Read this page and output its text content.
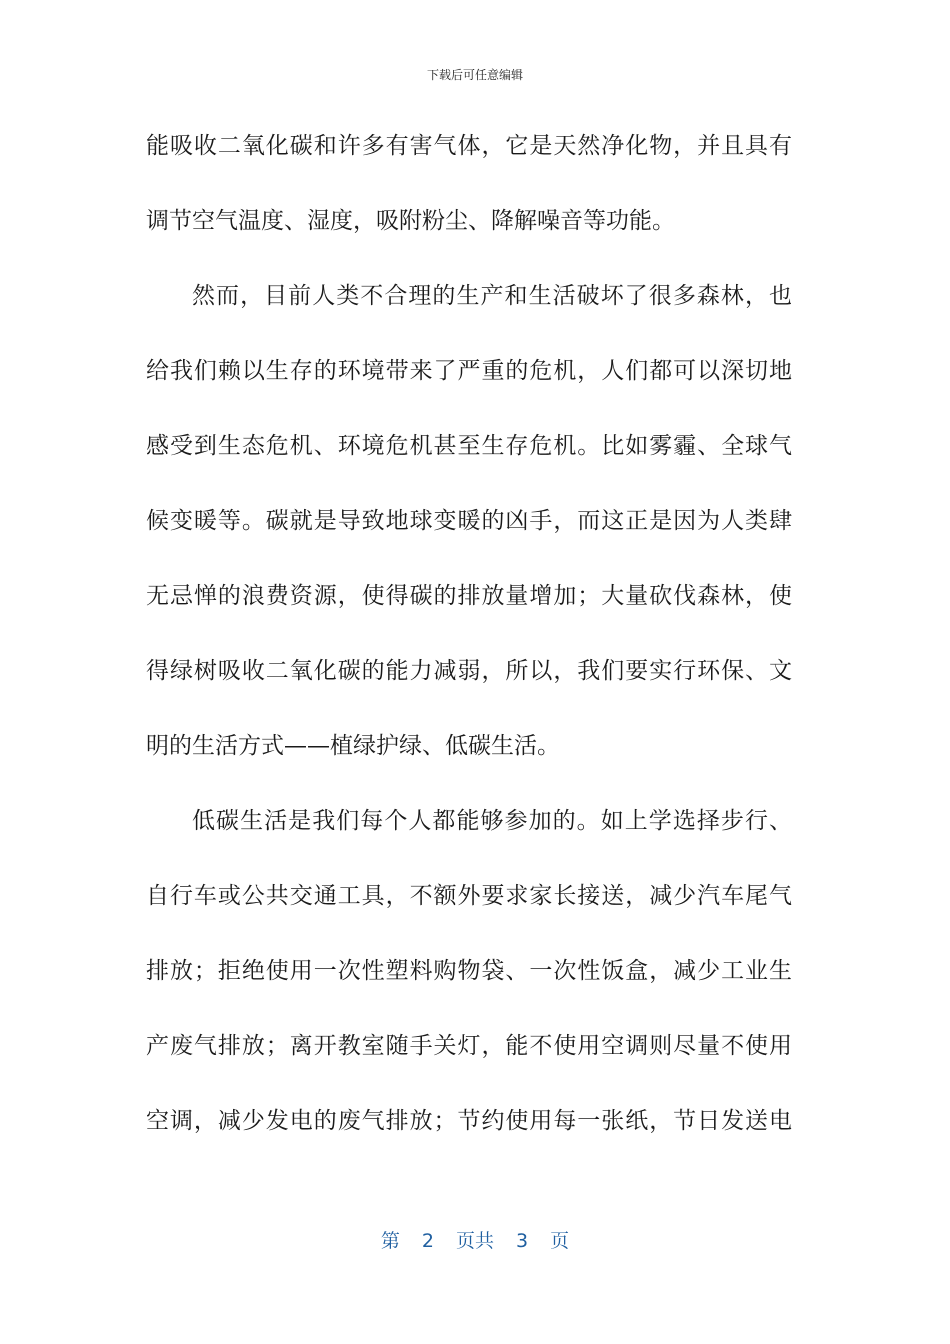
下载后可任意编辑
能吸收二氧化碳和许多有害气体，它是天然净化物，并且具有
调节空气温度、湿度，吸附粉尘、降解噪音等功能。
然而，目前人类不合理的生产和生活破坏了很多森林，也
给我们赖以生存的环境带来了严重的危机，人们都可以深切地
感受到生态危机、环境危机甚至生存危机。比如雾霾、全球气
候变暖等。碳就是导致地球变暖的凶手，而这正是因为人类肆
无忌惮的浪费资源，使得碳的排放量增加；大量砍伐森林，使
得绿树吸收二氧化碳的能力减弱，所以，我们要实行环保、文
明的生活方式——植绿护绿、低碳生活。
低碳生活是我们每个人都能够参加的。如上学选择步行、
自行车或公共交通工具，不额外要求家长接送，减少汽车尾气
排放；拒绝使用一次性塑料购物袋、一次性饭盒，减少工业生
产废气排放；离开教室随手关灯，能不使用空调则尽量不使用
空调，减少发电的废气排放；节约使用每一张纸，节日发送电
第 2 页共 3 页
